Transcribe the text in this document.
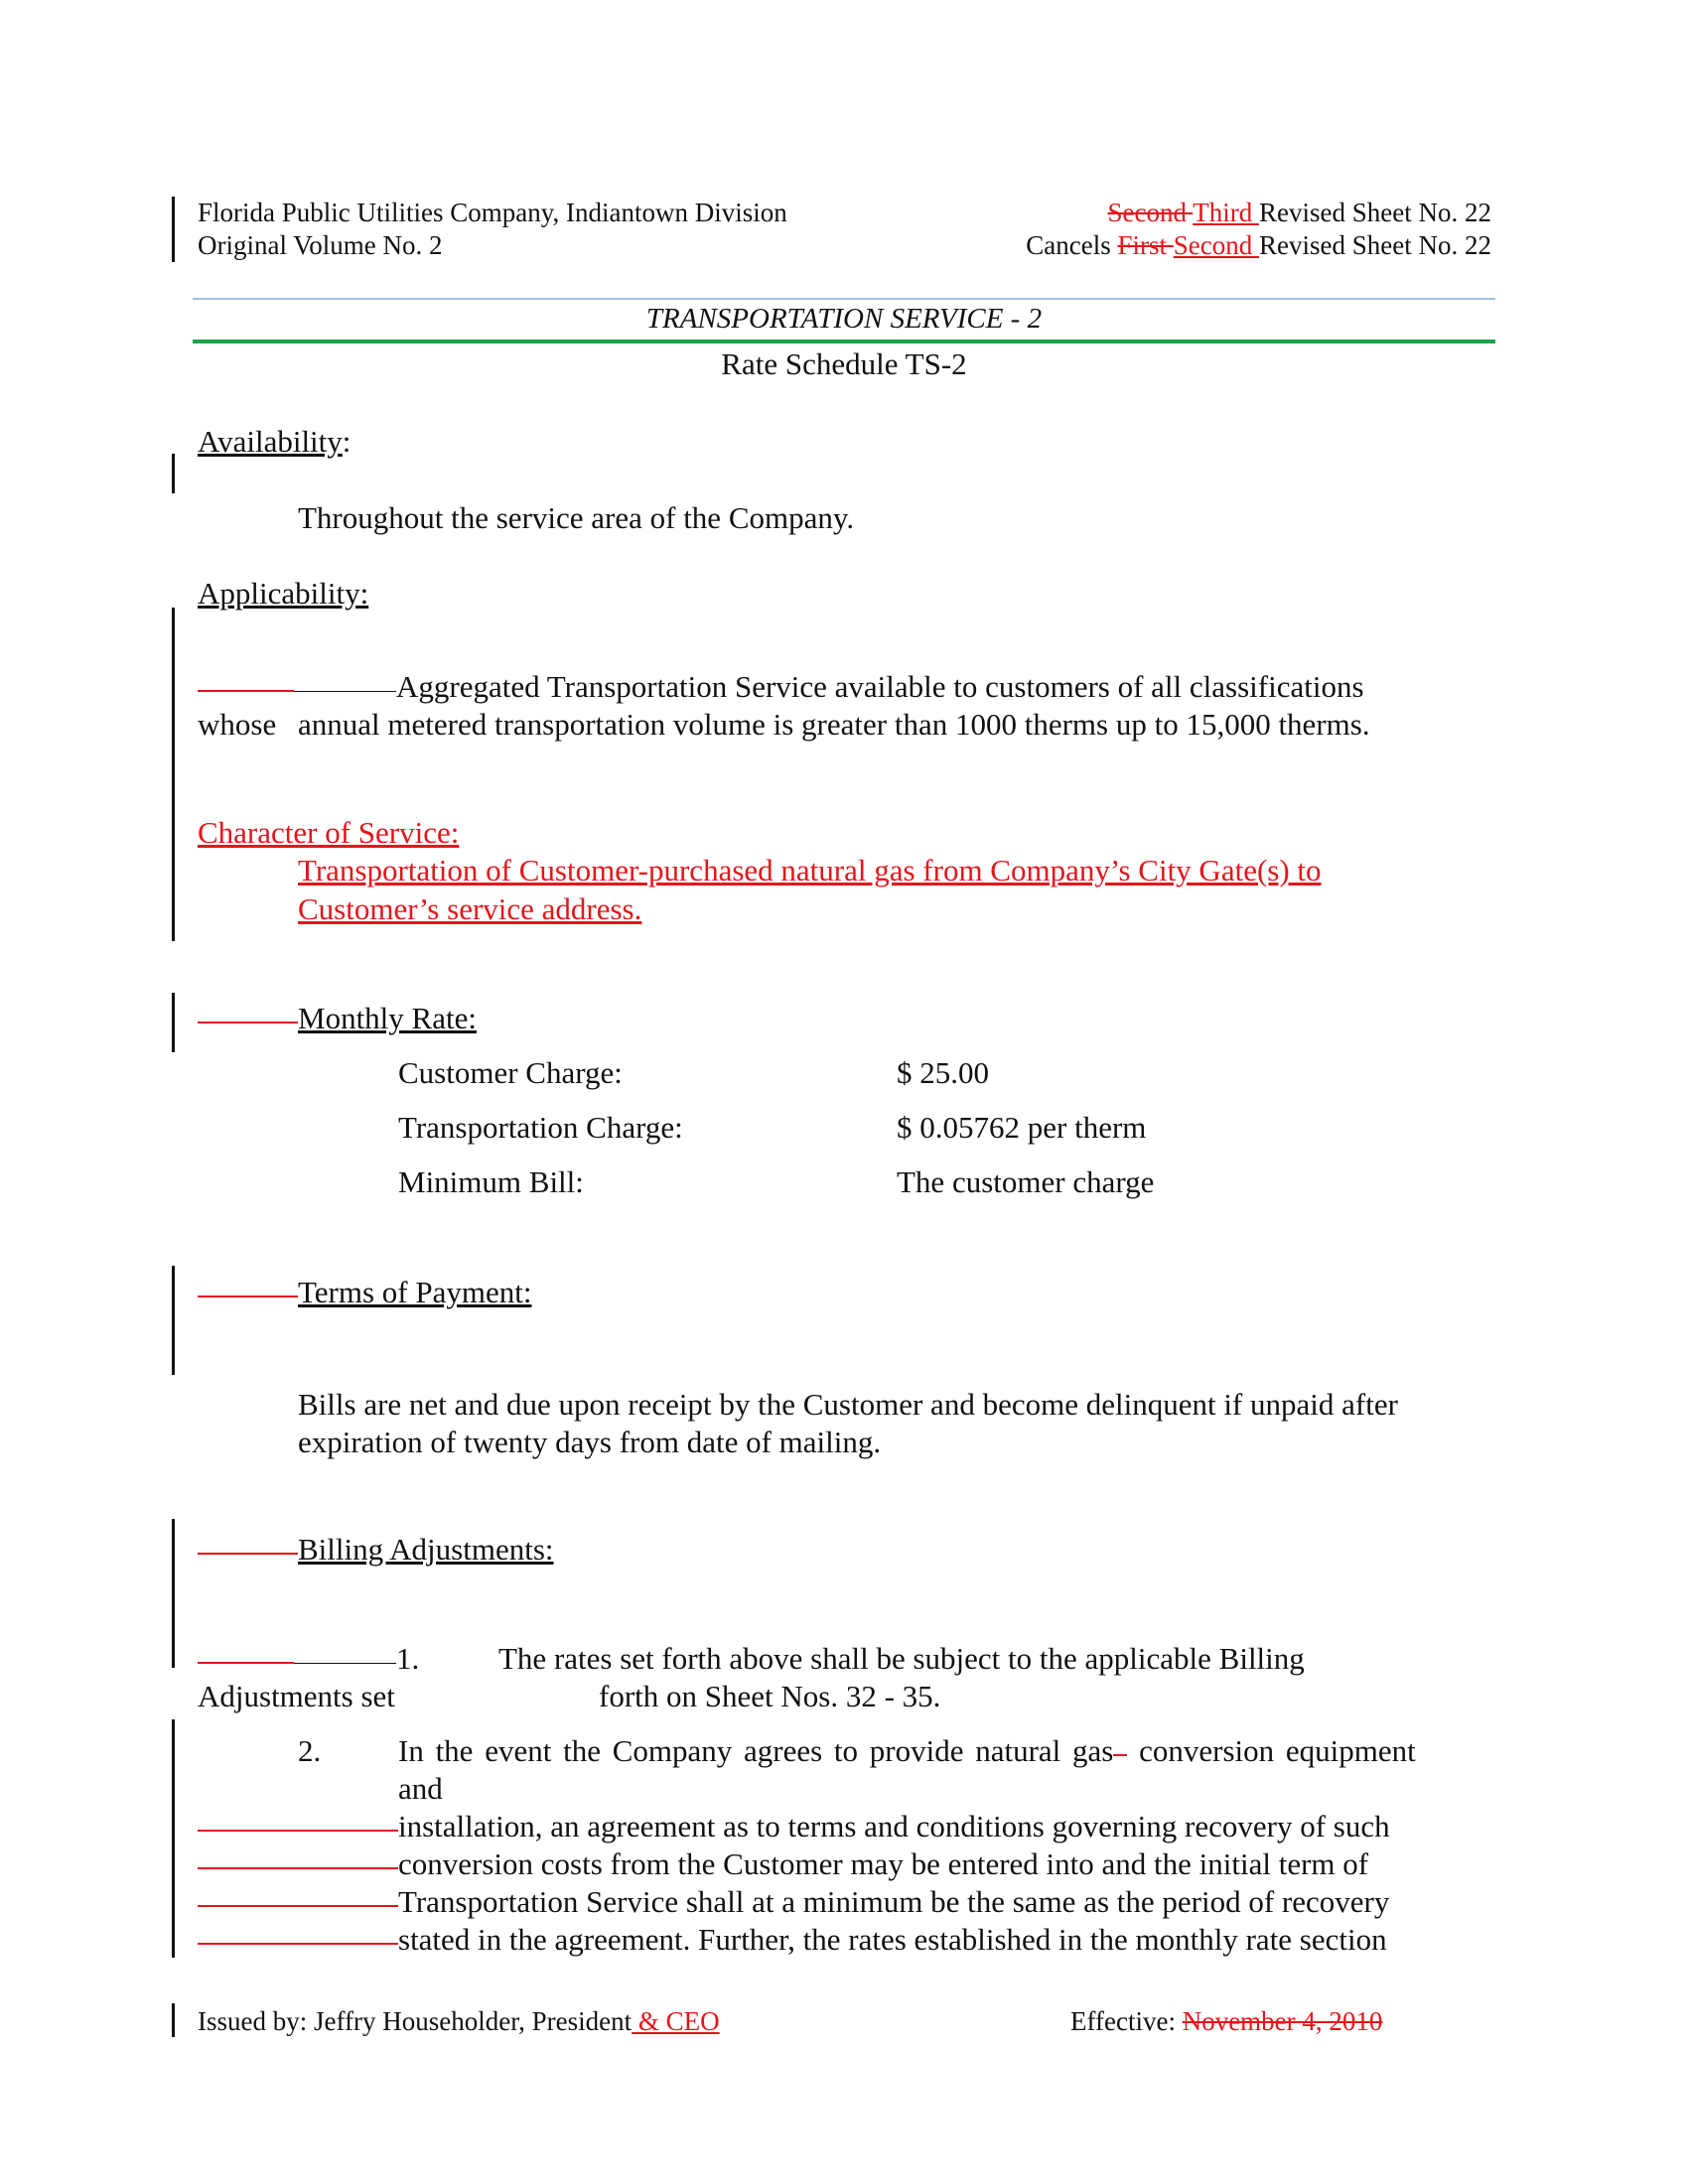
Florida Public Utilities Company, Indiantown Division
Original Volume No. 2
Second Third Revised Sheet No. 22
Cancels First Second Revised Sheet No. 22
TRANSPORTATION SERVICE - 2
Rate Schedule TS-2
Availability:
Throughout the service area of the Company.
Applicability:
Aggregated Transportation Service available to customers of all classifications
whose annual metered transportation volume is greater than 1000 therms up to 15,000 therms.
Character of Service:
Transportation of Customer-purchased natural gas from Company’s City Gate(s) to
Customer’s service address.
Monthly Rate:
Customer Charge:	$ 25.00
Transportation Charge:	$ 0.05762 per therm
Minimum Bill:	The customer charge
Terms of Payment:
Bills are net and due upon receipt by the Customer and become delinquent if unpaid after
expiration of twenty days from date of mailing.
Billing Adjustments:
1.	The rates set forth above shall be subject to the applicable Billing
Adjustments set	forth on Sheet Nos. 32 - 35.
2.	In the event the Company agrees to provide natural gas conversion equipment
and
installation, an agreement as to terms and conditions governing recovery of such
conversion costs from the Customer may be entered into and the initial term of
Transportation Service shall at a minimum be the same as the period of recovery
stated in the agreement. Further, the rates established in the monthly rate section
Issued by: Jeffry Householder, President & CEO	Effective: November 4, 2010
